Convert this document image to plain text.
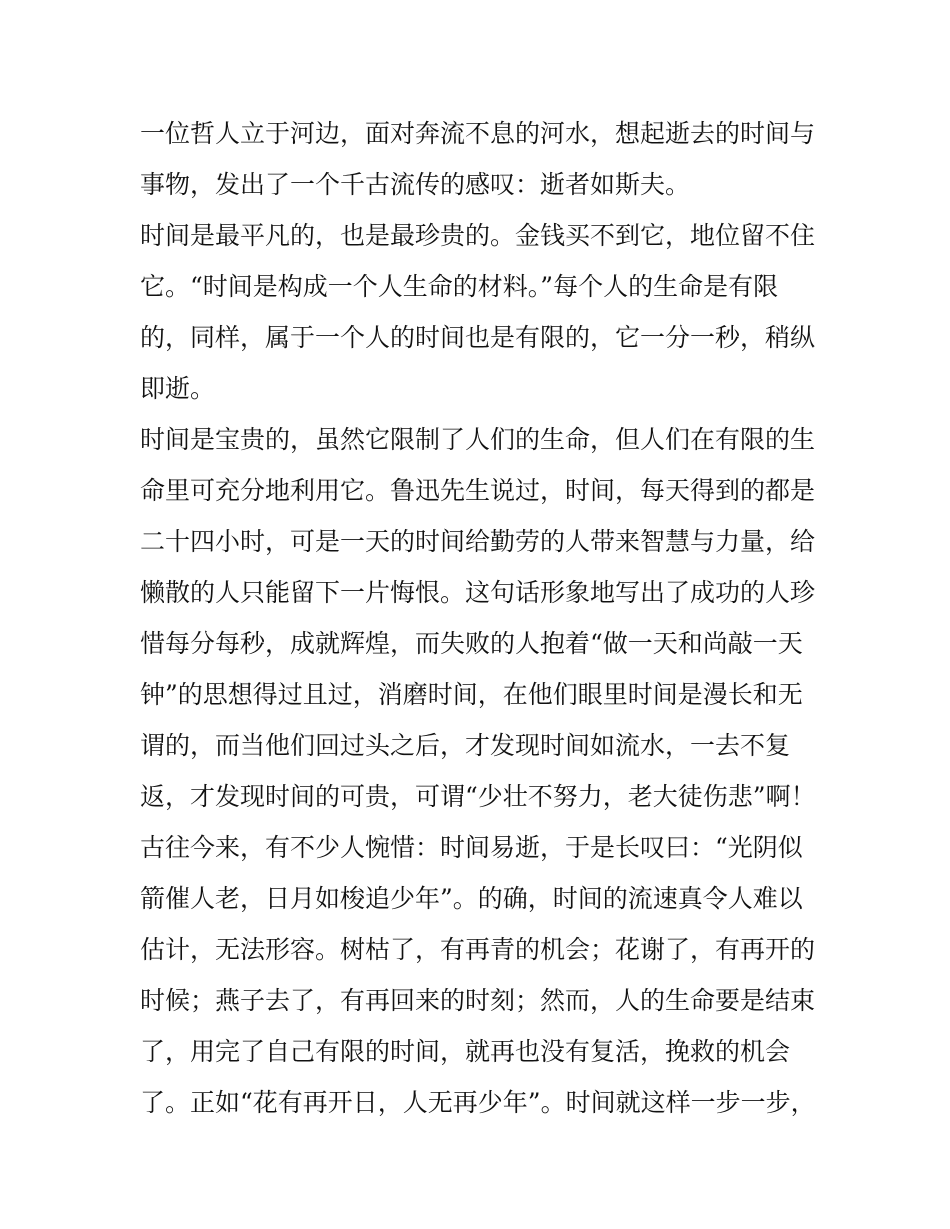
一位哲人立于河边，面对奔流不息的河水，想起逝去的时间与
事物，发出了一个千古流传的感叹：逝者如斯夫。
时间是最平凡的，也是最珍贵的。金钱买不到它，地位留不住
它。“时间是构成一个人生命的材料。”每个人的生命是有限
的，同样，属于一个人的时间也是有限的，它一分一秒，稍纵
即逝。
时间是宝贵的，虽然它限制了人们的生命，但人们在有限的生
命里可充分地利用它。鲁迅先生说过，时间，每天得到的都是
二十四小时，可是一天的时间给勤劳的人带来智慧与力量，给
懒散的人只能留下一片悔恨。这句话形象地写出了成功的人珍
惜每分每秒，成就辉煌，而失败的人抱着“做一天和尚敲一天
钟”的思想得过且过，消磨时间，在他们眼里时间是漫长和无
谓的，而当他们回过头之后，才发现时间如流水，一去不复
返，才发现时间的可贵，可谓“少壮不努力，老大徒伤悲”啊！
古往今来，有不少人惋惜：时间易逝，于是长叹曰：“光阴似
箭催人老，日月如梭追少年”。的确，时间的流速真令人难以
估计，无法形容。树枯了，有再青的机会；花谢了，有再开的
时候；燕子去了，有再回来的时刻；然而，人的生命要是结束
了，用完了自己有限的时间，就再也没有复活，挽救的机会
了。正如“花有再开日，人无再少年”。时间就这样一步一步，
